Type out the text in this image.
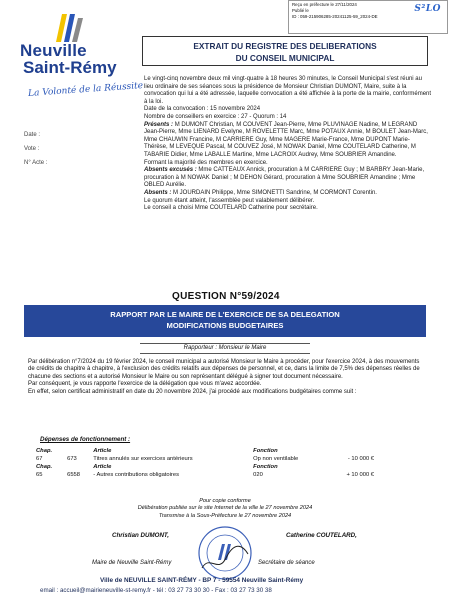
Reçu en préfecture le 27/11/2024
Publié le
ID : 059-215906285-20241125-59_2024-DE
S²LO
Neuville
Saint-Rémy
La Volonté de la Réussite
EXTRAIT DU REGISTRE DES DELIBERATIONS
DU CONSEIL MUNICIPAL
Date :
Vote :
N° Acte :

Le vingt-cinq novembre deux mil vingt-quatre à 18 heures 30 minutes, le Conseil Municipal s'est réuni au lieu ordinaire de ses séances sous la présidence de Monsieur Christian DUMONT, Maire, suite à la convocation qui lui a été adressée, laquelle convocation a été affichée à la porte de la mairie, conformément à la loi.

Date de la convocation : 15 novembre 2024

Nombre de conseillers en exercice : 27 - Quorum : 14

Présents : M DUMONT Christian, M COUVENT Jean-Pierre, Mme PLUVINAGE Nadine, M LEGRAND Jean-Pierre, Mme LIENARD Evelyne, M ROVELETTE Marc, Mme POTAUX Annie, M BOULET Jean-Marc, Mme CHAUWIN Francine, M CARRIERE Guy, Mme MAGERE Marie-France, Mme DUPONT Marie-Thérèse, M LEVEQUE Pascal, M COUVEZ José, M NOWAK Daniel, Mme COUTELARD Catherine, M TABARIE Didier, Mme LABALLE Martine, Mme LACROIX Audrey, Mme SOUBRIER Amandine.

Formant la majorité des membres en exercice.

Absents excusés : Mme CATTEAUX Annick, procuration à M CARRIERE Guy ; M BARBRY Jean-Marie, procuration à M NOWAK Daniel ; M DEHON Gérard, procuration à Mme SOUBRIER Amandine ; Mme OBLED Aurélie.

Absents : M JOURDAIN Philippe, Mme SIMONETTI Sandrine, M CORMONT Corentin.

Le quorum étant atteint, l'assemblée peut valablement délibérer.

Le conseil a choisi Mme COUTELARD Catherine pour secrétaire.

QUESTION N°59/2024
RAPPORT PAR LE MAIRE DE L'EXERCICE DE SA DELEGATION
MODIFICATIONS BUDGETAIRES
Rapporteur : Monsieur le Maire

Par délibération n°7/2024 du 19 février 2024, le conseil municipal a autorisé Monsieur le Maire à procéder, pour l'exercice 2024, à des mouvements de crédits de chapitre à chapitre, à l'exclusion des crédits relatifs aux dépenses de personnel, et ce, dans la limite de 7,5% des dépenses réelles de chacune des sections et a autorisé Monsieur le Maire ou son représentant délégué à signer tout document nécessaire.

Par conséquent, je vous rapporte l'exercice de la délégation que vous m'avez accordée.

En effet, selon certificat administratif en date du 20 novembre 2024, j'ai procédé aux modifications budgétaires comme suit :

Dépenses de fonctionnement :
Chap.		Article	Fonction	
67	673	Titres annulés sur exercices antérieurs	Op non ventilable	- 10 000 €
Chap.		Article	Fonction	
65	6558	- Autres contributions obligatoires	020	+ 10 000 €
Pour copie conforme
Délibération publiée sur le site Internet de la ville le 27 novembre 2024
Transmise à la Sous-Préfecture le 27 novembre 2024
Christian DUMONT,	Catherine COUTELARD,
Maire de Neuville Saint-Rémy	Secrétaire de séance
Ville de NEUVILLE SAINT-RÉMY - BP 7 - 59554 Neuville Saint-Rémy
email : accueil@mairieneuville-st-remy.fr - tél : 03 27 73 30 30 - Fax : 03 27 73 30 38
